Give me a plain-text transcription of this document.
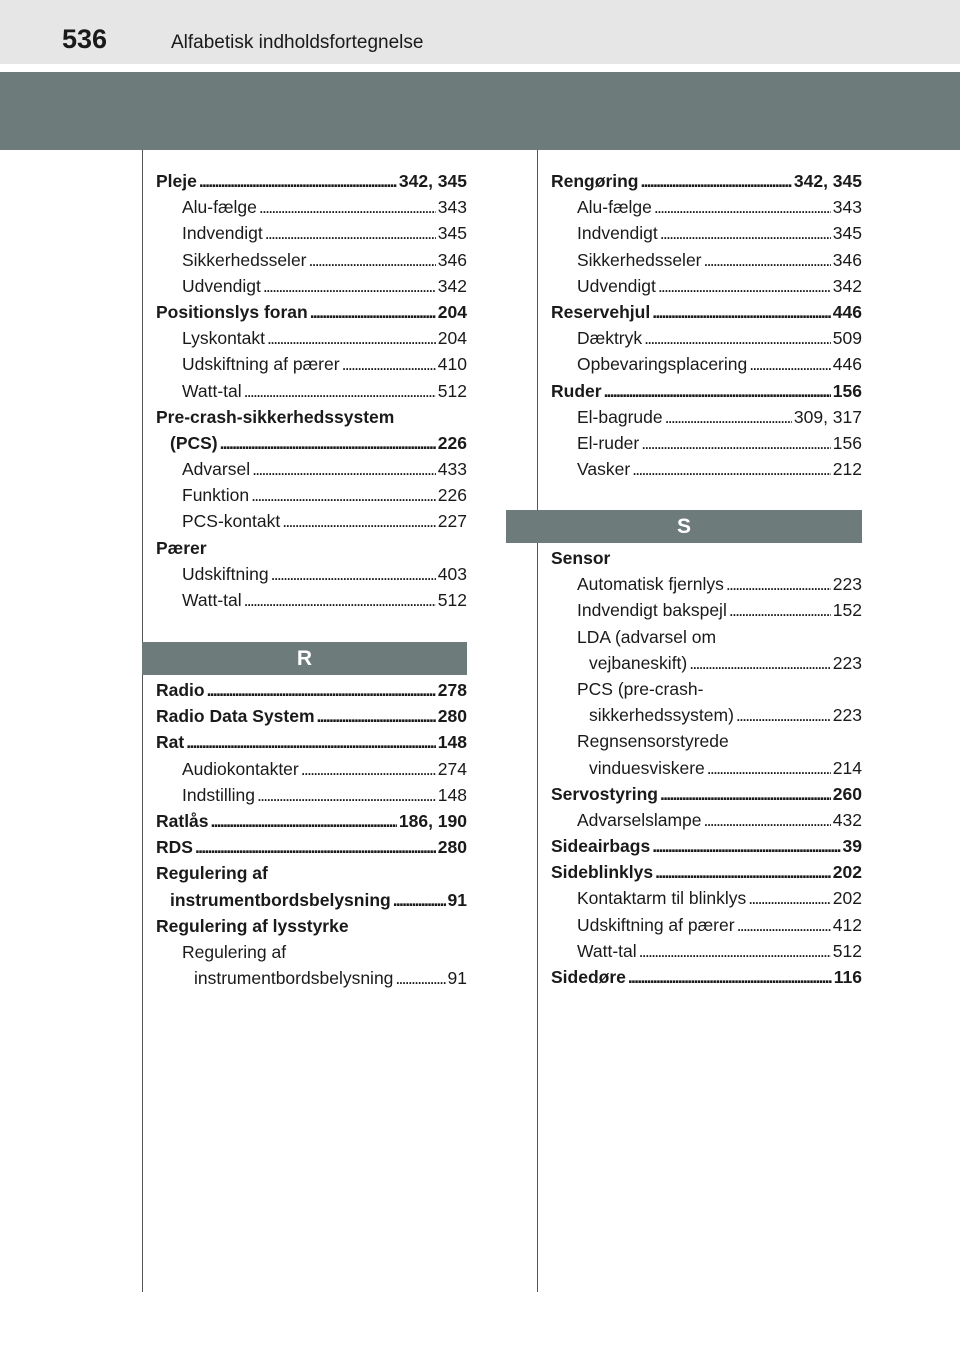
536	Alfabetisk indholdsfortegnelse
Pleje . . .	342, 345
Alu-fælge . . .	343
Indvendigt . . .	345
Sikkerhedsseler . . .	346
Udvendigt . . .	342
Positionslys foran . . .	204
Lyskontakt . . .	204
Udskiftning af pærer . . .	410
Watt-tal . . .	512
Pre-crash-sikkerhedssystem
(PCS) . . .	226
Advarsel . . .	433
Funktion . . .	226
PCS-kontakt . . .	227
Pærer
Udskiftning . . .	403
Watt-tal . . .	512
R
Radio . . .	278
Radio Data System . . .	280
Rat . . .	148
Audiokontakter . . .	274
Indstilling . . .	148
Ratlås . . .	186, 190
RDS . . .	280
Regulering af
instrumentbordsbelysning . . .	91
Regulering af lysstyrke
Regulering af
instrumentbordsbelysning . . .	91
Rengøring . . .	342, 345
Alu-fælge . . .	343
Indvendigt . . .	345
Sikkerhedsseler . . .	346
Udvendigt . . .	342
Reservehjul . . .	446
Dæktryk . . .	509
Opbevaringsplacering . . .	446
Ruder . . .	156
El-bagrude . . .	309, 317
El-ruder . . .	156
Vasker . . .	212
S
Sensor
Automatisk fjernlys . . .	223
Indvendigt bakspejl . . .	152
LDA (advarsel om
vejbaneskift) . . .	223
PCS (pre-crash-
sikkerhedssystem) . . .	223
Regnsensorstyrede
vinduesviskere . . .	214
Servostyring . . .	260
Advarselslampe . . .	432
Sideairbags . . .	39
Sideblinklys . . .	202
Kontaktarm til blinklys . . .	202
Udskiftning af pærer . . .	412
Watt-tal . . .	512
Sidedøre . . .	116
